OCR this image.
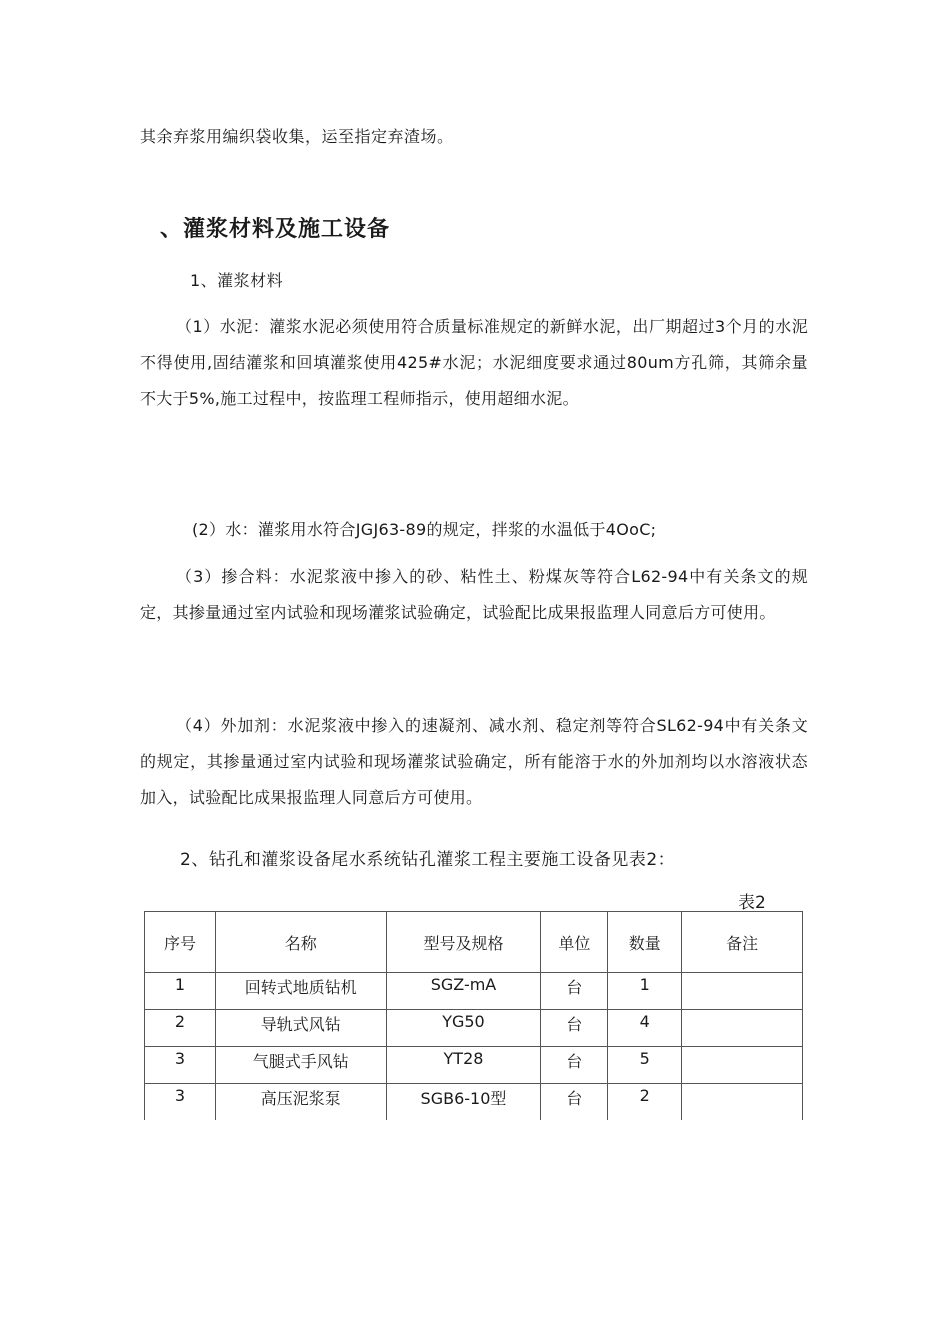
其余弃浆用编织袋收集，运至指定弃渣场。
、灌浆材料及施工设备
1、灌浆材料
（1）水泥：灌浆水泥必须使用符合质量标准规定的新鲜水泥，出厂期超过3个月的水泥不得使用,固结灌浆和回填灌浆使用425#水泥；水泥细度要求通过80um方孔筛，其筛余量不大于5%,施工过程中，按监理工程师指示，使用超细水泥。
(2）水：灌浆用水符合JGJ63-89的规定，拌浆的水温低于4OoC;
（3）掺合料：水泥浆液中掺入的砂、粘性土、粉煤灰等符合L62-94中有关条文的规定，其掺量通过室内试验和现场灌浆试验确定，试验配比成果报监理人同意后方可使用。
（4）外加剂：水泥浆液中掺入的速凝剂、减水剂、稳定剂等符合SL62-94中有关条文的规定，其掺量通过室内试验和现场灌浆试验确定，所有能溶于水的外加剂均以水溶液状态加入，试验配比成果报监理人同意后方可使用。
2、钻孔和灌浆设备尾水系统钻孔灌浆工程主要施工设备见表2：
表2
序号	名称	型号及规格	单位	数量	备注
1	回转式地质钻机	SGZ-mA	台	1	
2	导轨式风钻	YG50	台	4	
3	气腿式手风钻	YT28	台	5	
3	高压泥浆泵	SGB6-10型	台	2	
